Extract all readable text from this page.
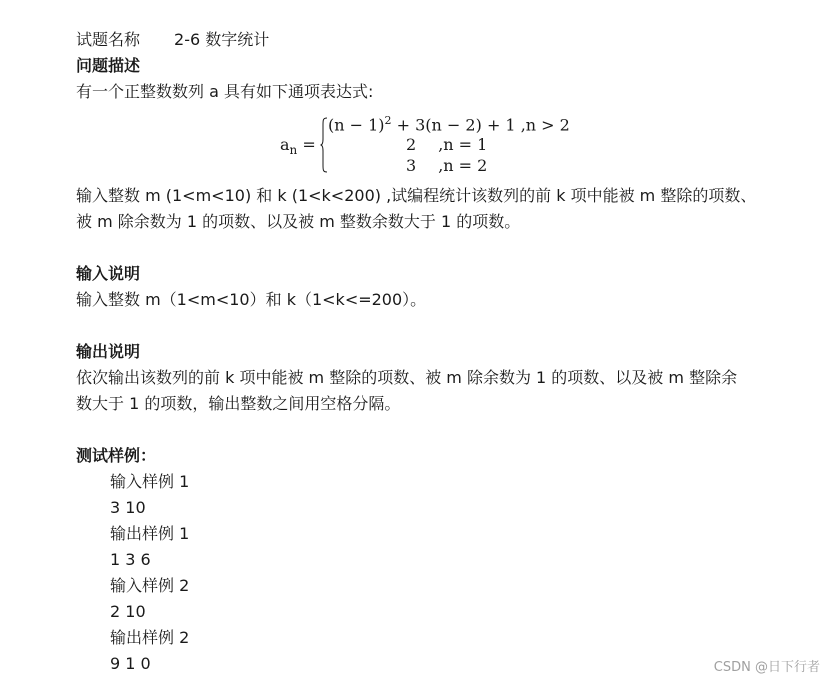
试题名称 2-6 数字统计
问题描述
有一个正整数数列 a 具有如下通项表达式:
$a_n$ =
$(n - 1)^2 + 3(n - 2) + 1$ ,n > 2
2 ,n = 1
3 ,n = 2
输入整数 m (1<m<10) 和 k (1<k<200) ,试编程统计该数列的前 k 项中能被 m 整除的项数、
被 m 除余数为 1 的项数、以及被 m 整数余数大于 1 的项数。
输入说明
输入整数 m（1<m<10）和 k（1<k<=200）。
输出说明
依次输出该数列的前 k 项中能被 m 整除的项数、被 m 除余数为 1 的项数、以及被 m 整除余
数大于 1 的项数，输出整数之间用空格分隔。
测试样例：
输入样例 1
3 10
输出样例 1
1 3 6
输入样例 2
2 10
输出样例 2
9 1 0	CSDN @日下行者
